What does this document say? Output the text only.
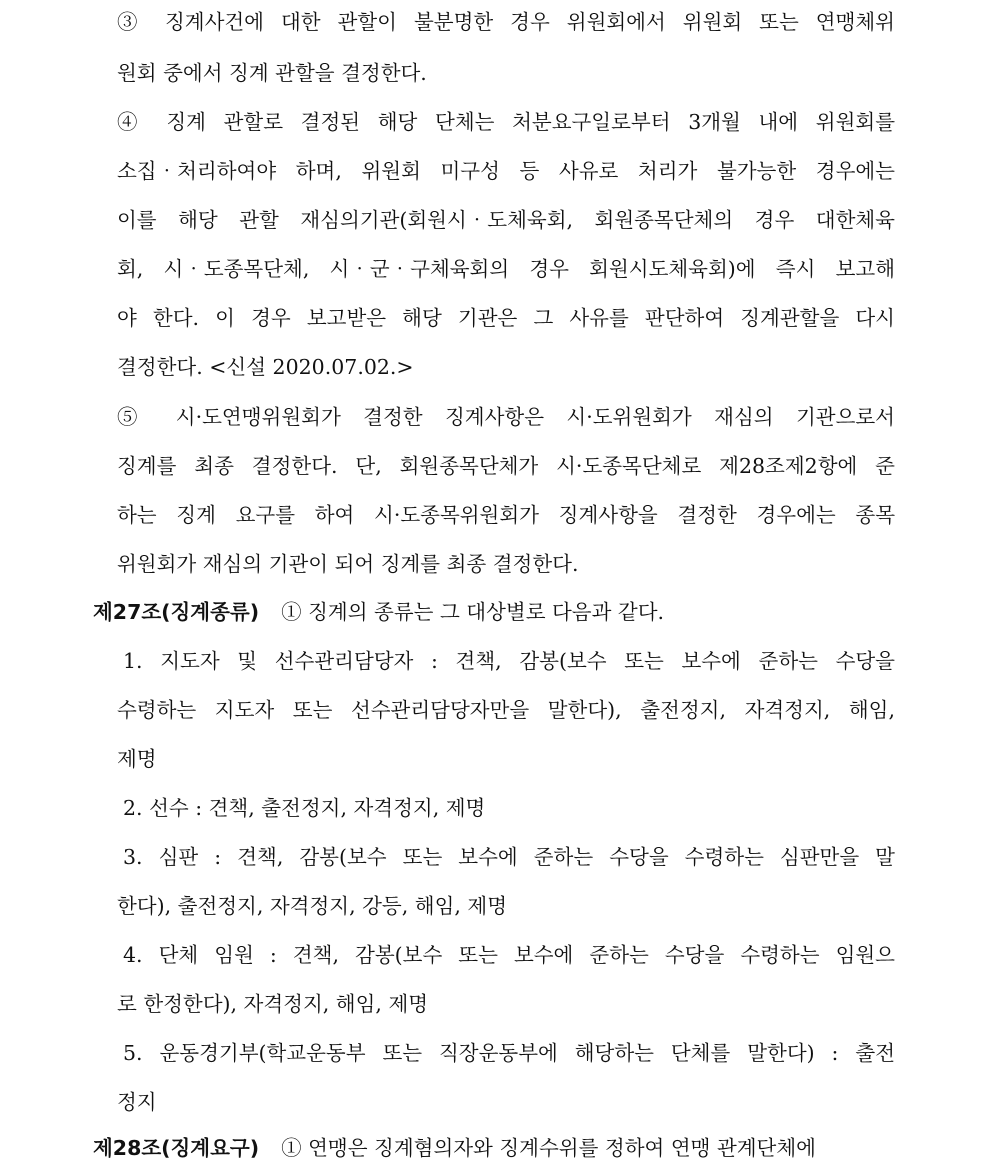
③ 징계사건에 대한 관할이 불분명한 경우 위원회에서 위원회 또는 연맹체위
원회 중에서 징계 관할을 결정한다.
④ 징계 관할로 결정된 해당 단체는 처분요구일로부터 3개월 내에 위원회를
소집‧처리하여야 하며, 위원회 미구성 등 사유로 처리가 불가능한 경우에는
이를 해당 관할 재심의기관(회원시‧도체육회, 회원종목단체의 경우 대한체육
회, 시‧도종목단체, 시‧군‧구체육회의 경우 회원시도체육회)에 즉시 보고해
야 한다. 이 경우 보고받은 해당 기관은 그 사유를 판단하여 징계관할을 다시
결정한다. <신설 2020.07.02.>
⑤ 시·도연맹위원회가 결정한 징계사항은 시·도위원회가 재심의 기관으로서
징계를 최종 결정한다. 단, 회원종목단체가 시·도종목단체로 제28조제2항에 준
하는 징계 요구를 하여 시·도종목위원회가 징계사항을 결정한 경우에는 종목
위원회가 재심의 기관이 되어 징계를 최종 결정한다.
제27조(징계종류) ① 징계의 종류는 그 대상별로 다음과 같다.
1. 지도자 및 선수관리담당자 : 견책, 감봉(보수 또는 보수에 준하는 수당을
수령하는 지도자 또는 선수관리담당자만을 말한다), 출전정지, 자격정지, 해임,
제명
2. 선수 : 견책, 출전정지, 자격정지, 제명
3. 심판 : 견책, 감봉(보수 또는 보수에 준하는 수당을 수령하는 심판만을 말
한다), 출전정지, 자격정지, 강등, 해임, 제명
4. 단체 임원 : 견책, 감봉(보수 또는 보수에 준하는 수당을 수령하는 임원으
로 한정한다), 자격정지, 해임, 제명
5. 운동경기부(학교운동부 또는 직장운동부에 해당하는 단체를 말한다) : 출전
정지
제28조(징계요구) ① 연맹은 징계혐의자와 징계수위를 정하여 연맹 관계단체에
